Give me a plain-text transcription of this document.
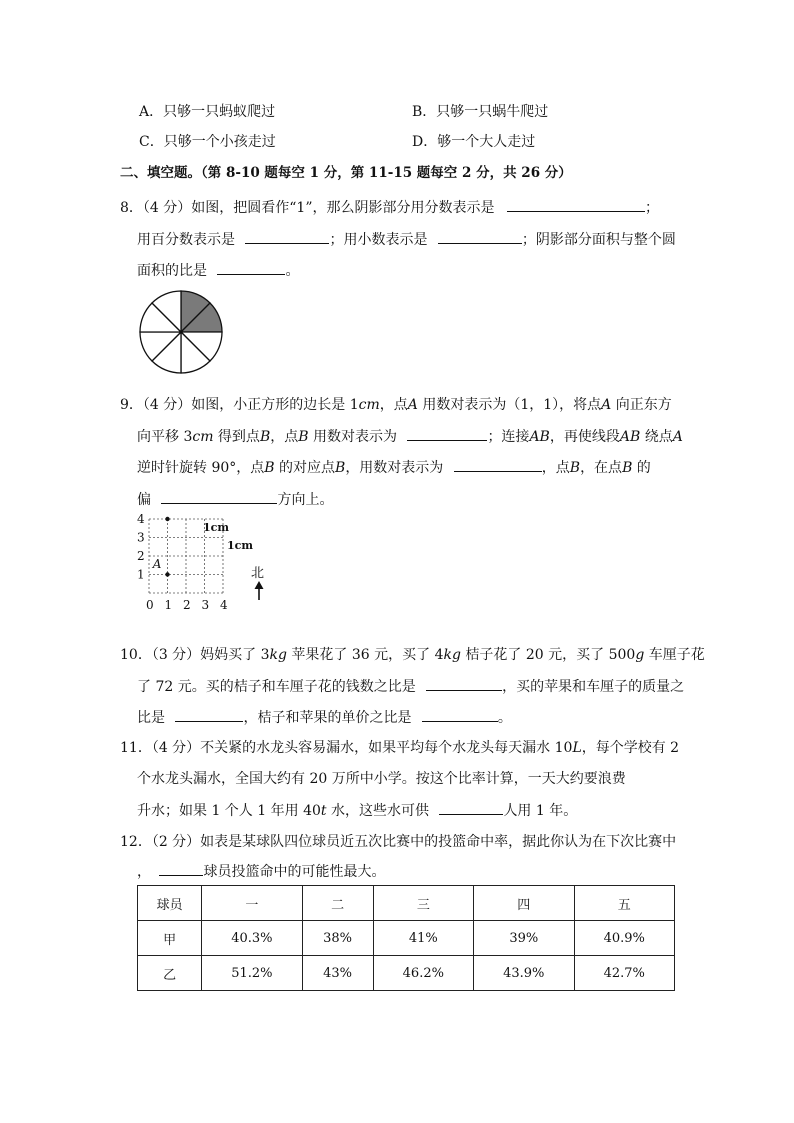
A．只够一只蚂蚁爬过	B．只够一只蜗牛爬过
C．只够一个小孩走过	D．够一个大人走过
二、填空题。（第 8-10 题每空 1 分，第 11-15 题每空 2 分，共 26 分）
8．（4 分）如图，把圆看作“1”，那么阴影部分用分数表示是	；
用百分数表示是	；用小数表示是	；阴影部分面积与整个圆
面积的比是	。
9．（4 分）如图，小正方形的边长是 1cm，点A 用数对表示为（1，1），将点A 向正东方
向平移 3cm 得到点B，点B 用数对表示为	；连接AB，再使线段AB 绕点A
逆时针旋转 90°，点B 的对应点B，用数对表示为	，点B，在点B 的
偏	方向上。
4
3
2
1
0 1 2 3 4
A
1cm
1cm
北
10．（3 分）妈妈买了 3kg 苹果花了 36 元，买了 4kg 桔子花了 20 元，买了 500g 车厘子花
了 72 元。买的桔子和车厘子花的钱数之比是	，买的苹果和车厘子的质量之
比是	，桔子和苹果的单价之比是	。
11．（4 分）不关紧的水龙头容易漏水，如果平均每个水龙头每天漏水 10L，每个学校有 2
个水龙头漏水，全国大约有 20 万所中小学。按这个比率计算，一天大约要浪费
升水；如果 1 个人 1 年用 40t 水，这些水可供	人用 1 年。
12．（2 分）如表是某球队四位球员近五次比赛中的投篮命中率，据此你认为在下次比赛中
，	球员投篮命中的可能性最大。
球员	一	二	三	四	五
甲	40.3%	38%	41%	39%	40.9%
乙	51.2%	43%	46.2%	43.9%	42.7%
